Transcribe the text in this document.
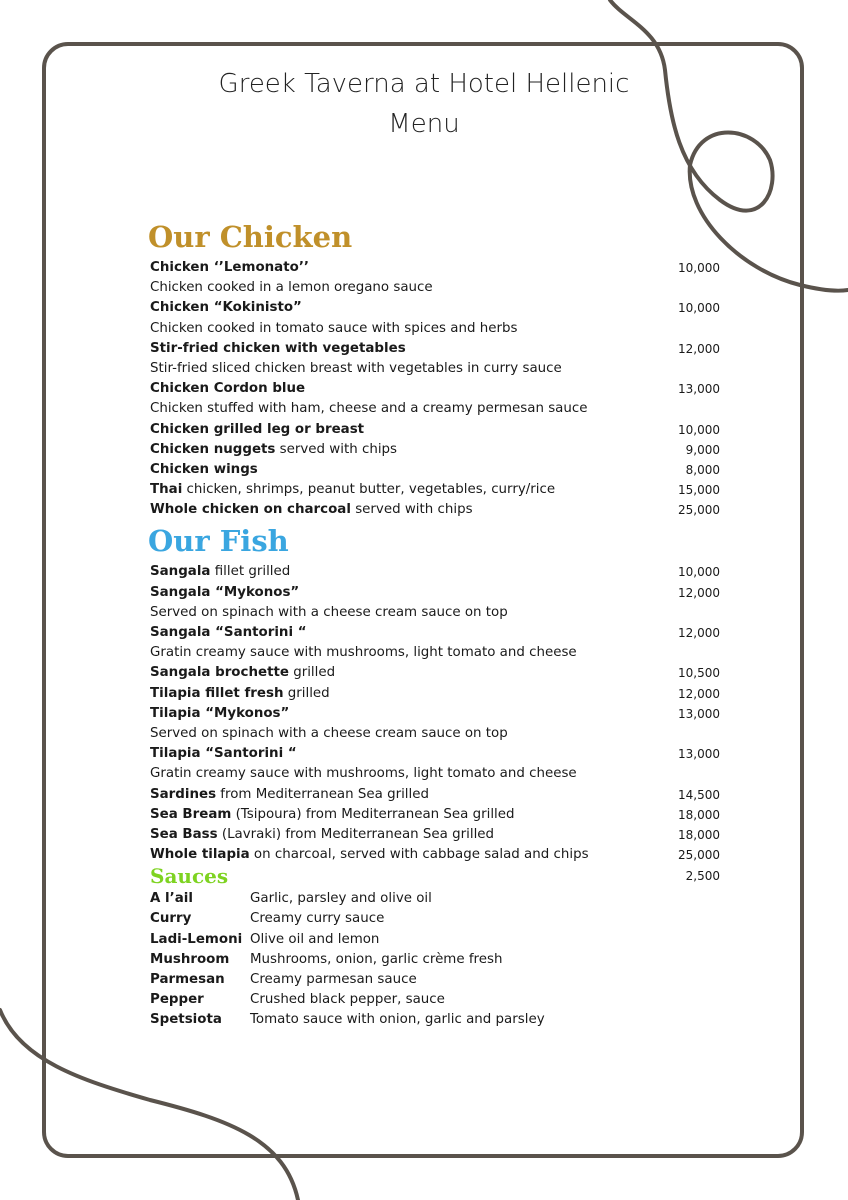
Greek Taverna at Hotel Hellenic
Menu
Our Chicken
Chicken ‘’Lemonato’’	10,000
Chicken cooked in a lemon oregano sauce
Chicken “Kokinisto”	10,000
Chicken cooked in tomato sauce with spices and herbs
Stir-fried chicken with vegetables	12,000
Stir-fried sliced chicken breast with vegetables in curry sauce
Chicken Cordon blue	13,000
Chicken stuffed with ham, cheese and a creamy permesan sauce
Chicken grilled leg or breast	10,000
Chicken nuggets served with chips	9,000
Chicken wings	8,000
Thai chicken, shrimps, peanut butter, vegetables, curry/rice	15,000
Whole chicken on charcoal served with chips	25,000
Our Fish
Sangala fillet grilled	10,000
Sangala “Mykonos”	12,000
Served on spinach with a cheese cream sauce on top
Sangala “Santorini “	12,000
Gratin creamy sauce with mushrooms, light tomato and cheese
Sangala brochette grilled	10,500
Tilapia fillet fresh grilled	12,000
Tilapia “Mykonos”	13,000
Served on spinach with a cheese cream sauce on top
Tilapia “Santorini “	13,000
Gratin creamy sauce with mushrooms, light tomato and cheese
Sardines from Mediterranean Sea grilled	14,500
Sea Bream (Tsipoura) from Mediterranean Sea grilled	18,000
Sea Bass (Lavraki) from Mediterranean Sea grilled	18,000
Whole tilapia on charcoal, served with cabbage salad and chips	25,000
Sauces	2,500
A l’ail	Garlic, parsley and olive oil
Curry	Creamy curry sauce
Ladi-Lemoni Olive oil and lemon
Mushroom Mushrooms, onion, garlic crème fresh
Parmesan Creamy parmesan sauce
Pepper	Crushed black pepper, sauce
Spetsiota Tomato sauce with onion, garlic and parsley
